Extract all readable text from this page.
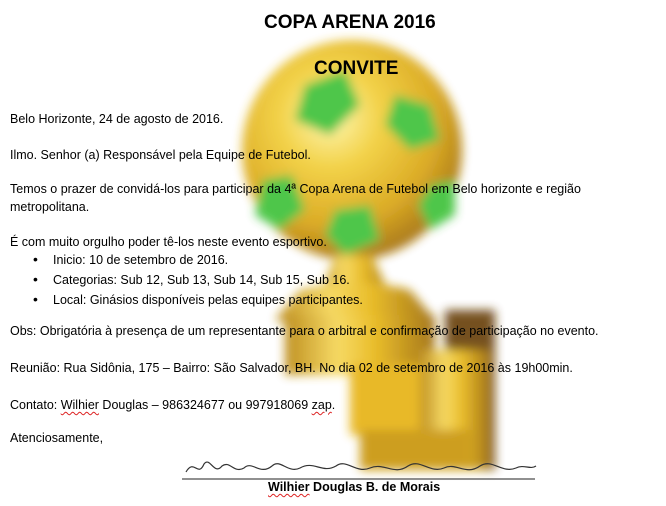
COPA ARENA 2016
CONVITE
Belo Horizonte, 24 de agosto de 2016.
Ilmo. Senhor (a) Responsável pela Equipe de Futebol.
Temos o prazer de convidá-los para participar da 4ª Copa Arena de Futebol em Belo horizonte e região
metropolitana.
É com muito orgulho poder tê-los neste evento esportivo.
• Inicio: 10 de setembro de 2016.
• Categorias: Sub 12, Sub 13, Sub 14, Sub 15, Sub 16.
• Local: Ginásios disponíveis pelas equipes participantes.
Obs: Obrigatória à presença de um representante para o arbitral e confirmação de participação no evento.
Reunião: Rua Sidônia, 175 – Bairro: São Salvador, BH. No dia 02 de setembro de 2016 às 19h00min.
Contato: Wilhier Douglas – 986324677 ou 997918069 zap.
Atenciosamente,
Wilhier Douglas B. de Morais
